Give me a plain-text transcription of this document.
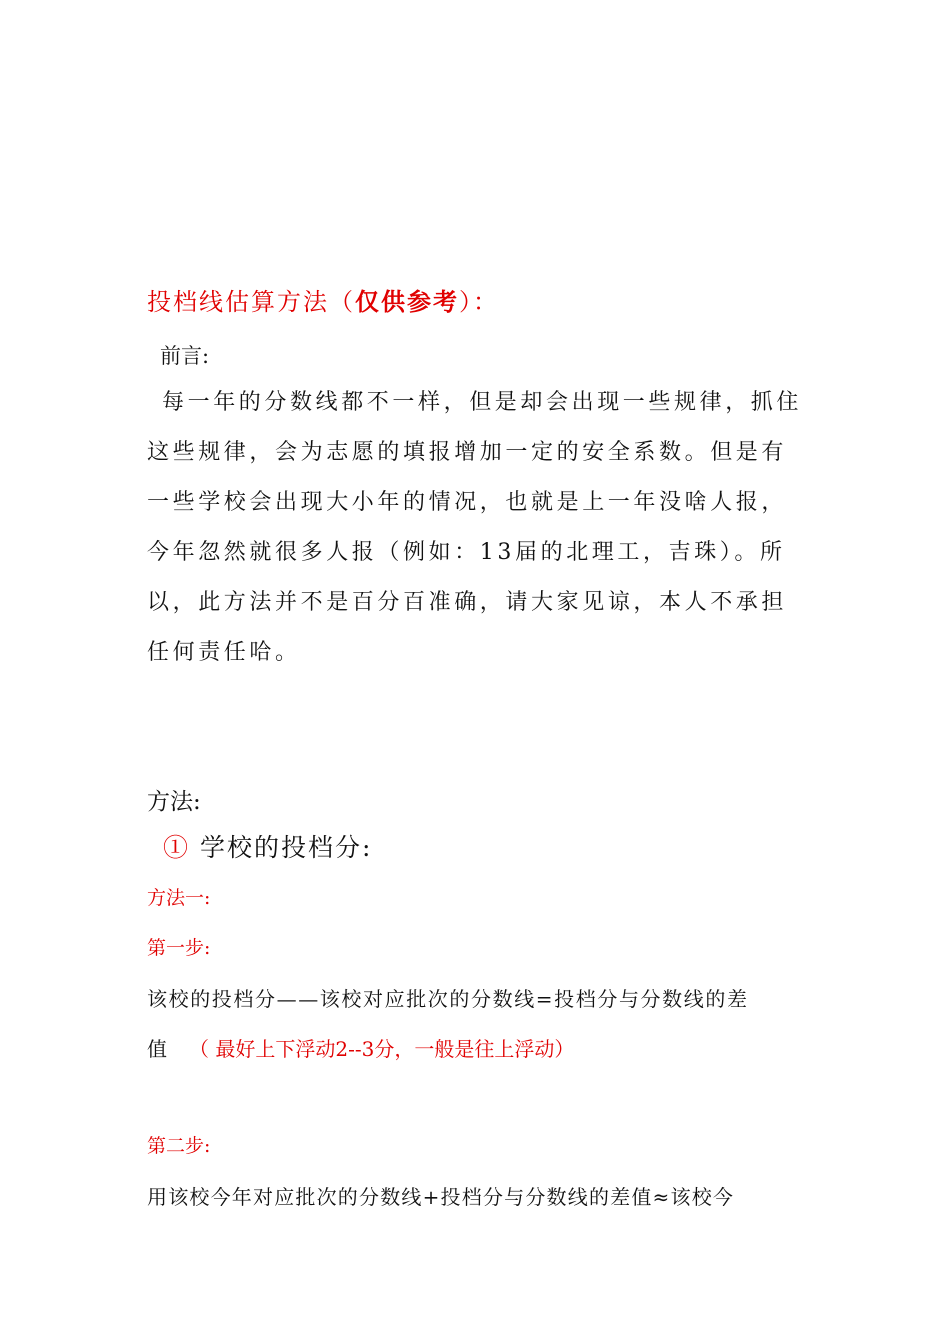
投档线估算方法（仅供参考）：
前言:
每一年的分数线都不一样，但是却会出现一些规律，抓住
这些规律，会为志愿的填报增加一定的安全系数。但是有
一些学校会出现大小年的情况，也就是上一年没啥人报，
今年忽然就很多人报（例如：13届的北理工，吉珠）。所
以，此方法并不是百分百准确，请大家见谅，本人不承担
任何责任哈。
方法:
① 学校的投档分:
方法一:
第一步:
该校的投档分——该校对应批次的分数线=投档分与分数线的差
值 （ 最好上下浮动2--3分，一般是往上浮动）
第二步:
用该校今年对应批次的分数线+投档分与分数线的差值≈该校今
